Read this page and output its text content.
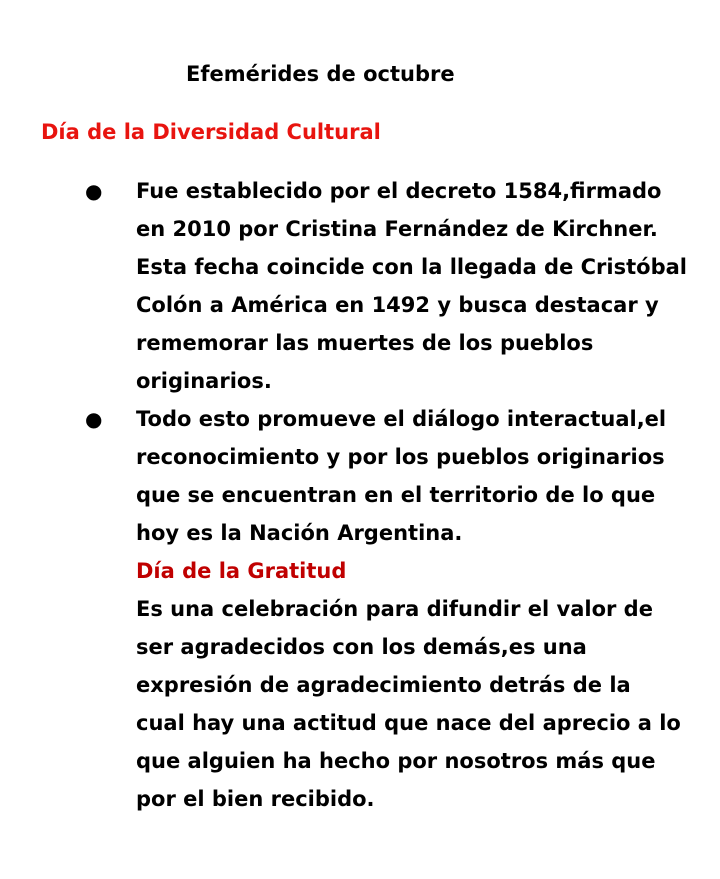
Efemérides de octubre
Día de la Diversidad Cultural
● Fue establecido por el decreto 1584,firmado
en 2010 por Cristina Fernández de Kirchner.
Esta fecha coincide con la llegada de Cristóbal
Colón a América en 1492 y busca destacar y
rememorar las muertes de los pueblos
originarios.
● Todo esto promueve el diálogo interactual,el
reconocimiento y por los pueblos originarios
que se encuentran en el territorio de lo que
hoy es la Nación Argentina.
Día de la Gratitud
Es una celebración para difundir el valor de
ser agradecidos con los demás,es una
expresión de agradecimiento detrás de la
cual hay una actitud que nace del aprecio a lo
que alguien ha hecho por nosotros más que
por el bien recibido.
